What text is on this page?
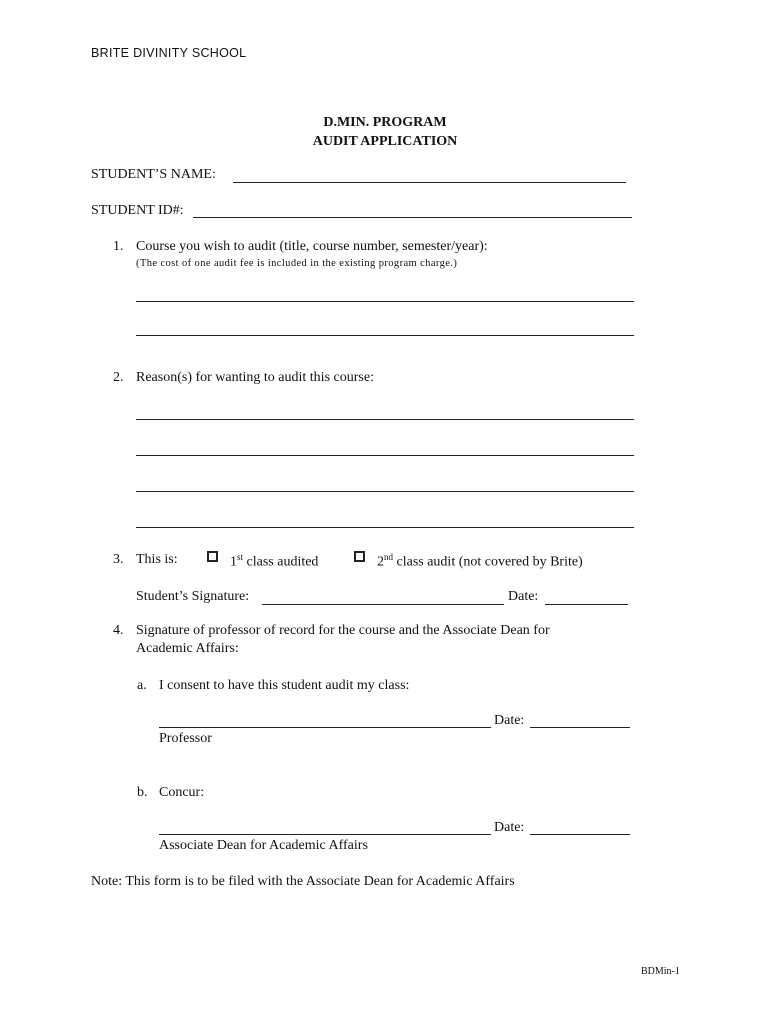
BRITE DIVINITY SCHOOL
D.MIN. PROGRAM
AUDIT APPLICATION
STUDENT’S NAME:
STUDENT ID#:
1. Course you wish to audit (title, course number, semester/year):
(The cost of one audit fee is included in the existing program charge.)
2. Reason(s) for wanting to audit this course:
3. This is:	1st class audited	2nd class audit (not covered by Brite)
Student’s Signature:	Date:
4. Signature of professor of record for the course and the Associate Dean for
Academic Affairs:
a. I consent to have this student audit my class:
Date:
Professor
b. Concur:
Date:
Associate Dean for Academic Affairs
Note: This form is to be filed with the Associate Dean for Academic Affairs
BDMin-1
